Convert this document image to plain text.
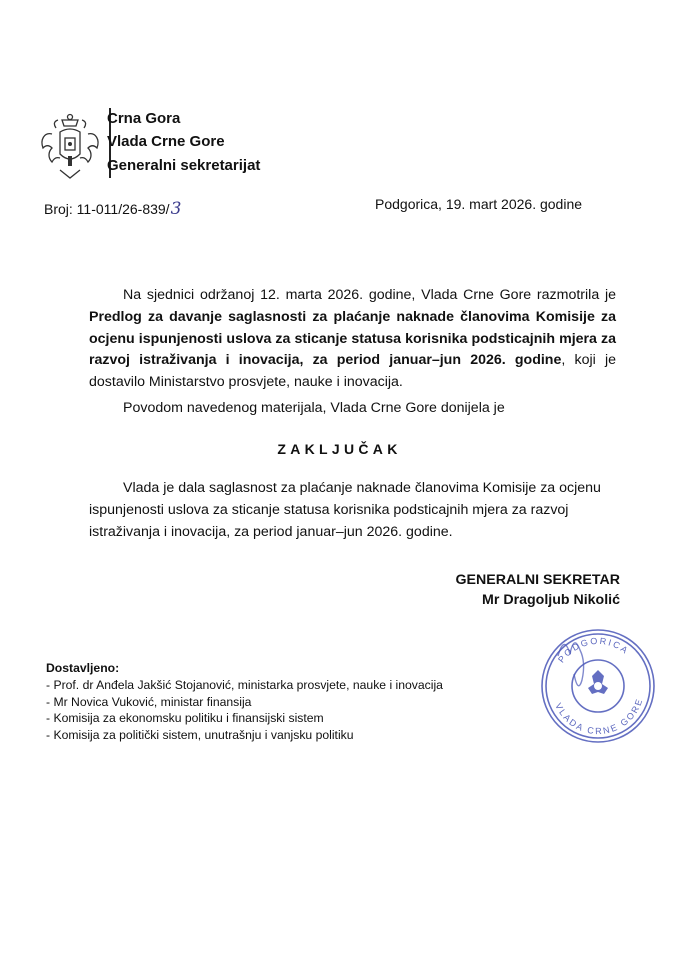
Crna Gora
Vlada Crne Gore
Generalni sekretarijat
Broj: 11-011/26-839/ 3	Podgorica, 19. mart 2026. godine
Na sjednici održanoj 12. marta 2026. godine, Vlada Crne Gore razmotrila je Predlog za davanje saglasnosti za plaćanje naknade članovima Komisije za ocjenu ispunjenosti uslova za sticanje statusa korisnika podsticajnih mjera za razvoj istraživanja i inovacija, za period januar–jun 2026. godine, koji je dostavilo Ministarstvo prosvjete, nauke i inovacija.
Povodom navedenog materijala, Vlada Crne Gore donijela je
ZAKLJUČAK
Vlada je dala saglasnost za plaćanje naknade članovima Komisije za ocjenu ispunjenosti uslova za sticanje statusa korisnika podsticajnih mjera za razvoj istraživanja i inovacija, za period januar–jun 2026. godine.
GENERALNI SEKRETAR
Mr Dragoljub Nikolić
PODGORICA
VLADA CRNE GORE
Dostavljeno:
- Prof. dr Anđela Jakšić Stojanović, ministarka prosvjete, nauke i inovacija
- Mr Novica Vuković, ministar finansija
- Komisija za ekonomsku politiku i finansijski sistem
- Komisija za politički sistem, unutrašnju i vanjsku politiku
